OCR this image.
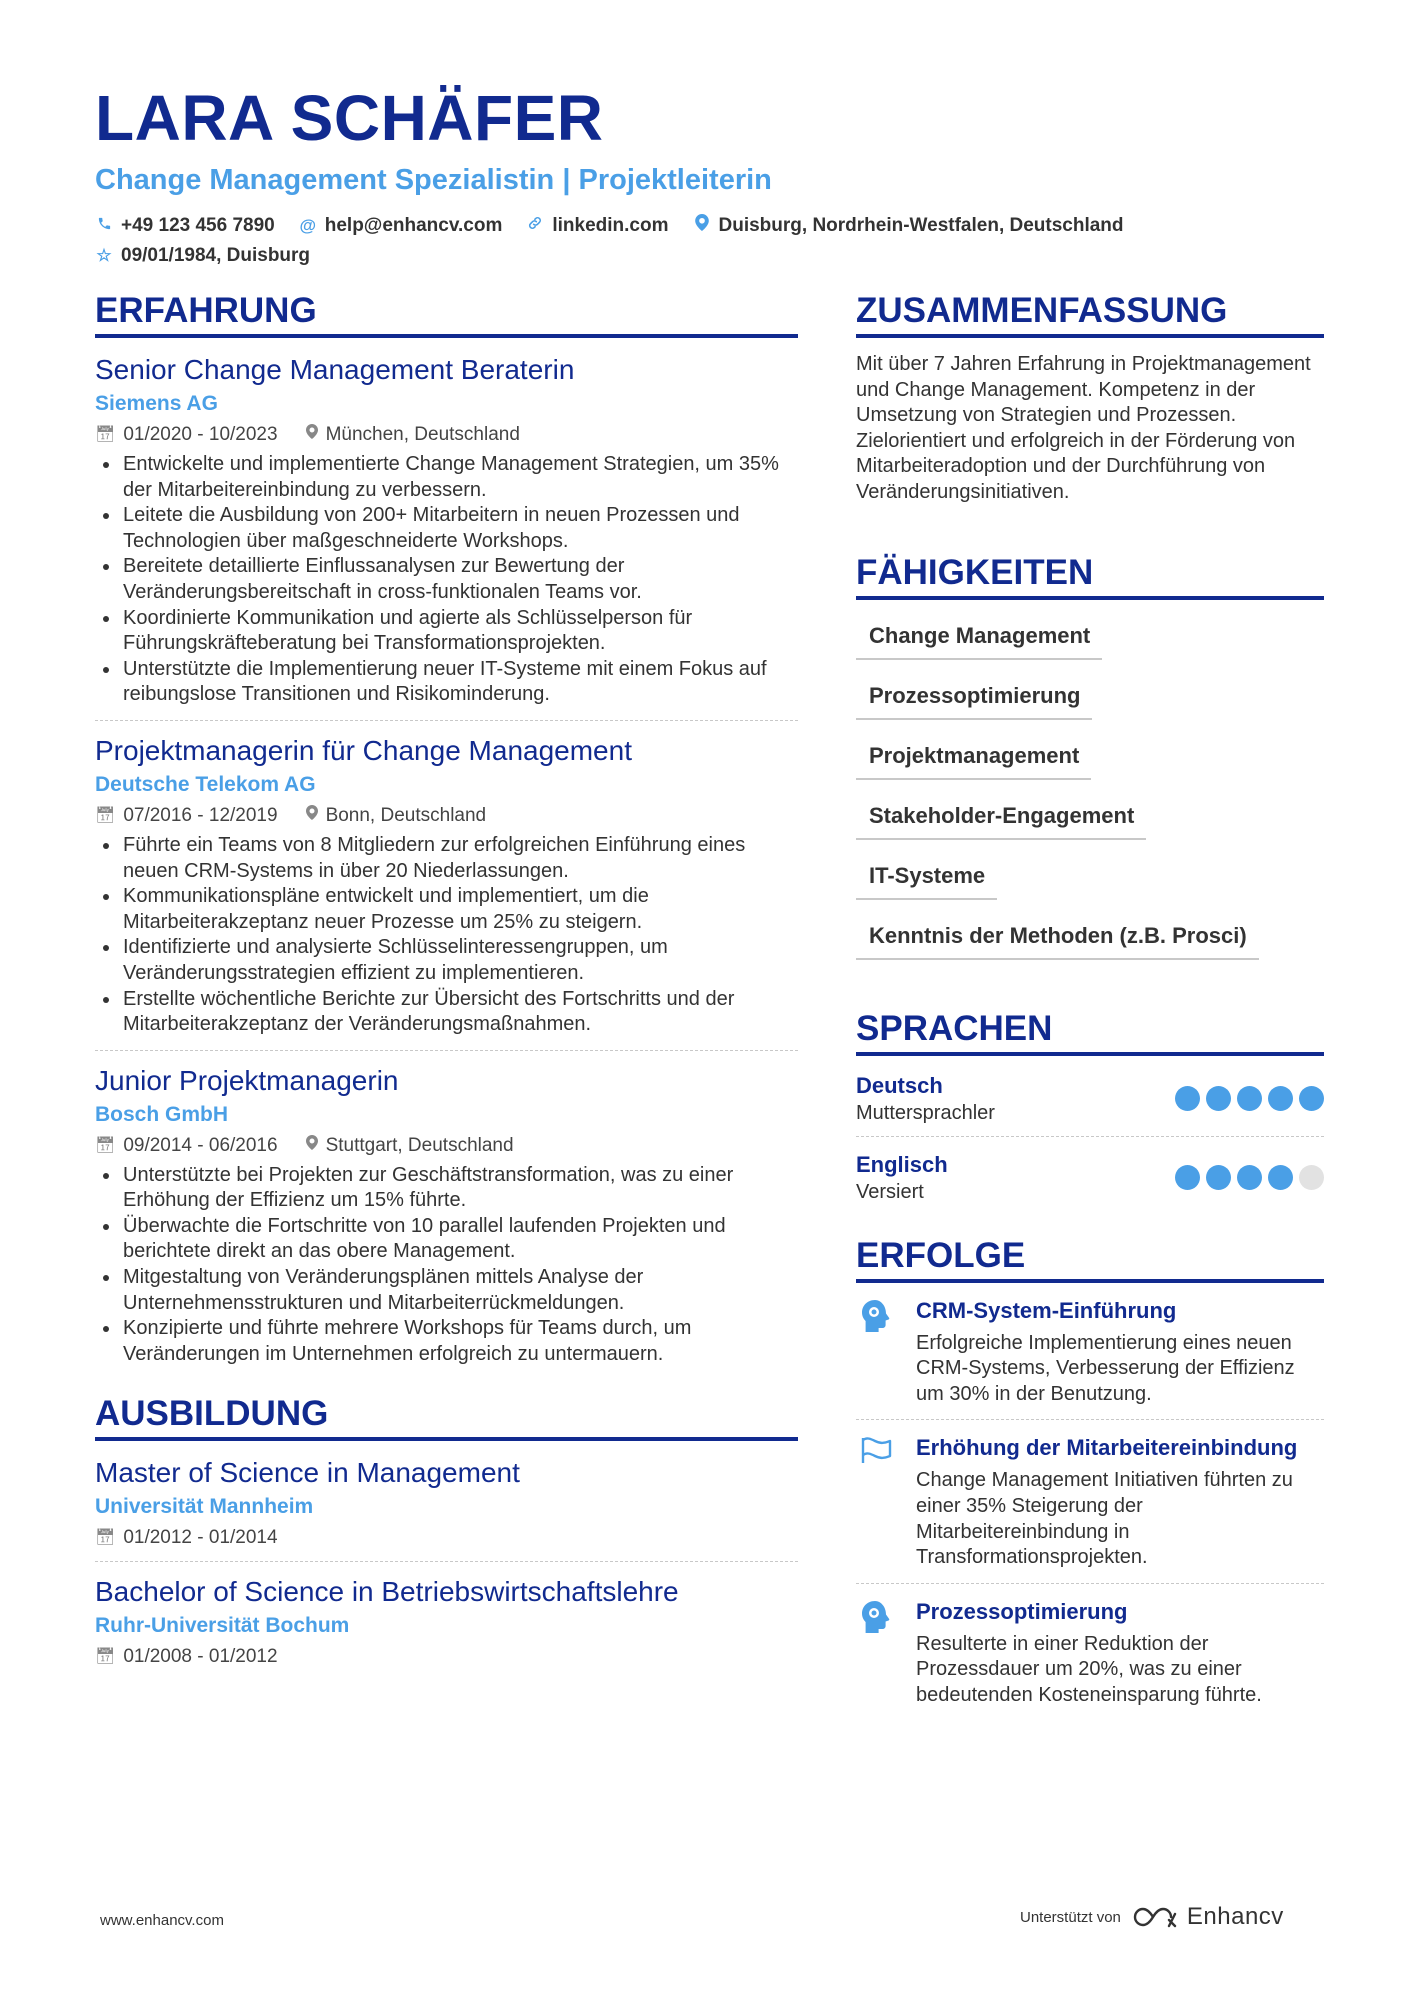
LARA SCHÄFER
Change Management Spezialistin | Projektleiterin
+49 123 456 7890 @ help@enhancv.com	linkedin.com	Duisburg, Nordrhein-Westfalen, Deutschland
☆ 09/01/1984, Duisburg
ERFAHRUNG
Senior Change Management Beraterin
Siemens AG
📅︎ 01/2020 - 10/2023	München, Deutschland
Entwickelte und implementierte Change Management Strategien, um 35% der Mitarbeitereinbindung zu verbessern.
Leitete die Ausbildung von 200+ Mitarbeitern in neuen Prozessen und Technologien über maßgeschneiderte Workshops.
Bereitete detaillierte Einflussanalysen zur Bewertung der Veränderungsbereitschaft in cross-funktionalen Teams vor.
Koordinierte Kommunikation und agierte als Schlüsselperson für Führungskräfteberatung bei Transformationsprojekten.
Unterstützte die Implementierung neuer IT-Systeme mit einem Fokus auf reibungslose Transitionen und Risikominderung.
Projektmanagerin für Change Management
Deutsche Telekom AG
📅︎ 07/2016 - 12/2019	Bonn, Deutschland
Führte ein Teams von 8 Mitgliedern zur erfolgreichen Einführung eines neuen CRM-Systems in über 20 Niederlassungen.
Kommunikationspläne entwickelt und implementiert, um die Mitarbeiterakzeptanz neuer Prozesse um 25% zu steigern.
Identifizierte und analysierte Schlüsselinteressengruppen, um Veränderungsstrategien effizient zu implementieren.
Erstellte wöchentliche Berichte zur Übersicht des Fortschritts und der Mitarbeiterakzeptanz der Veränderungsmaßnahmen.
Junior Projektmanagerin
Bosch GmbH
📅︎ 09/2014 - 06/2016	Stuttgart, Deutschland
Unterstützte bei Projekten zur Geschäftstransformation, was zu einer Erhöhung der Effizienz um 15% führte.
Überwachte die Fortschritte von 10 parallel laufenden Projekten und berichtete direkt an das obere Management.
Mitgestaltung von Veränderungsplänen mittels Analyse der Unternehmensstrukturen und Mitarbeiterrückmeldungen.
Konzipierte und führte mehrere Workshops für Teams durch, um Veränderungen im Unternehmen erfolgreich zu untermauern.
AUSBILDUNG
Master of Science in Management
Universität Mannheim
📅︎ 01/2012 - 01/2014
Bachelor of Science in Betriebswirtschaftslehre
Ruhr-Universität Bochum
📅︎ 01/2008 - 01/2012
ZUSAMMENFASSUNG
Mit über 7 Jahren Erfahrung in Projektmanagement und Change Management. Kompetenz in der Umsetzung von Strategien und Prozessen. Zielorientiert und erfolgreich in der Förderung von Mitarbeiteradoption und der Durchführung von Veränderungsinitiativen.
FÄHIGKEITEN
Change Management
Prozessoptimierung
Projektmanagement
Stakeholder-Engagement
IT-Systeme
Kenntnis der Methoden (z.B. Prosci)
SPRACHEN
Deutsch
Muttersprachler
Englisch
Versiert
ERFOLGE
CRM-System-Einführung
Erfolgreiche Implementierung eines neuen CRM-Systems, Verbesserung der Effizienz um 30% in der Benutzung.
Erhöhung der Mitarbeitereinbindung
Change Management Initiativen führten zu einer 35% Steigerung der Mitarbeitereinbindung in Transformationsprojekten.
Prozessoptimierung
Resulterte in einer Reduktion der Prozessdauer um 20%, was zu einer bedeutenden Kosteneinsparung führte.
www.enhancv.com	Unterstützt von	Enhancv
